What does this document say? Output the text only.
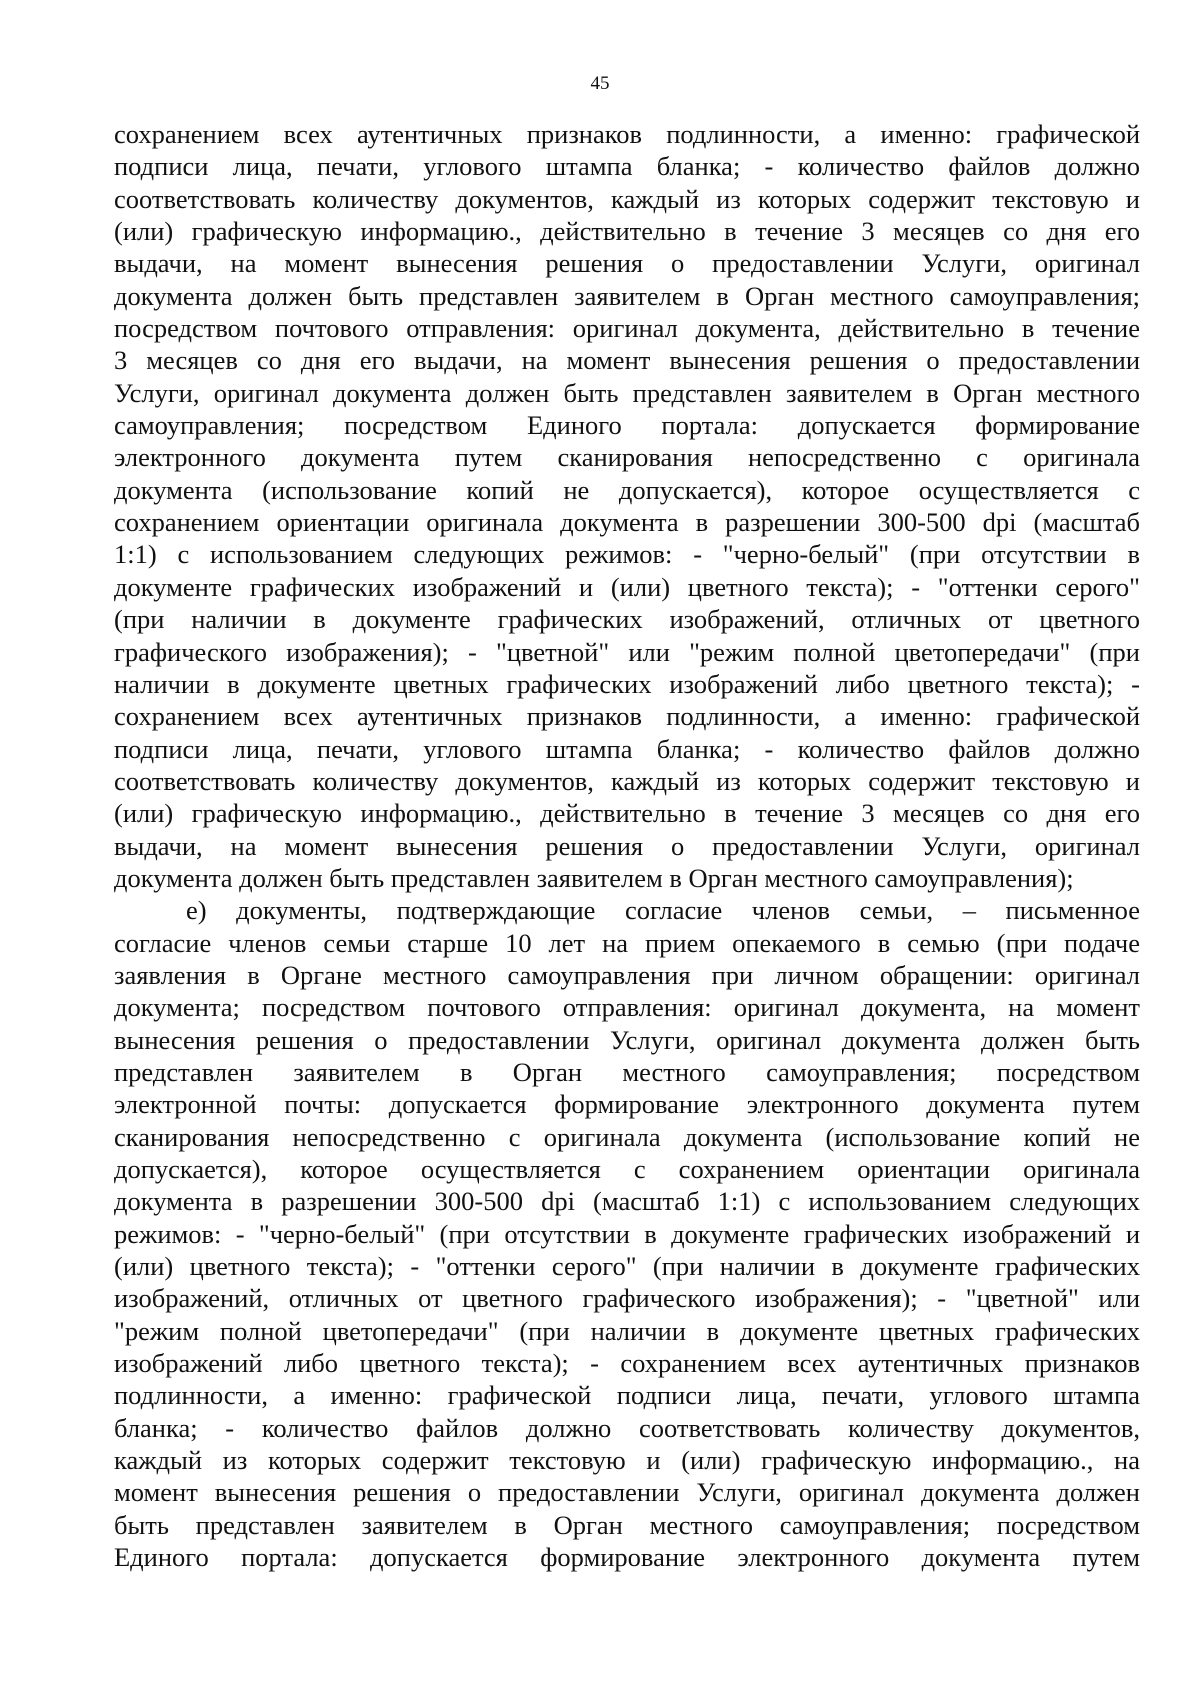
45
сохранением всех аутентичных признаков подлинности, а именно: графической
подписи лица, печати, углового штампа бланка; - количество файлов должно
соответствовать количеству документов, каждый из которых содержит текстовую и
(или) графическую информацию., действительно в течение 3 месяцев со дня его
выдачи, на момент вынесения решения о предоставлении Услуги, оригинал
документа должен быть представлен заявителем в Орган местного самоуправления;
посредством почтового отправления: оригинал документа, действительно в течение
3 месяцев со дня его выдачи, на момент вынесения решения о предоставлении
Услуги, оригинал документа должен быть представлен заявителем в Орган местного
самоуправления; посредством Единого портала: допускается формирование
электронного документа путем сканирования непосредственно с оригинала
документа (использование копий не допускается), которое осуществляется с
сохранением ориентации оригинала документа в разрешении 300-500 dpi (масштаб
1:1) с использованием следующих режимов: - "черно-белый" (при отсутствии в
документе графических изображений и (или) цветного текста); - "оттенки серого"
(при наличии в документе графических изображений, отличных от цветного
графического изображения); - "цветной" или "режим полной цветопередачи" (при
наличии в документе цветных графических изображений либо цветного текста); -
сохранением всех аутентичных признаков подлинности, а именно: графической
подписи лица, печати, углового штампа бланка; - количество файлов должно
соответствовать количеству документов, каждый из которых содержит текстовую и
(или) графическую информацию., действительно в течение 3 месяцев со дня его
выдачи, на момент вынесения решения о предоставлении Услуги, оригинал
документа должен быть представлен заявителем в Орган местного самоуправления);
е) документы, подтверждающие согласие членов семьи, – письменное
согласие членов семьи старше 10 лет на прием опекаемого в семью (при подаче
заявления в Органе местного самоуправления при личном обращении: оригинал
документа; посредством почтового отправления: оригинал документа, на момент
вынесения решения о предоставлении Услуги, оригинал документа должен быть
представлен заявителем в Орган местного самоуправления; посредством
электронной почты: допускается формирование электронного документа путем
сканирования непосредственно с оригинала документа (использование копий не
допускается), которое осуществляется с сохранением ориентации оригинала
документа в разрешении 300-500 dpi (масштаб 1:1) с использованием следующих
режимов: - "черно-белый" (при отсутствии в документе графических изображений и
(или) цветного текста); - "оттенки серого" (при наличии в документе графических
изображений, отличных от цветного графического изображения); - "цветной" или
"режим полной цветопередачи" (при наличии в документе цветных графических
изображений либо цветного текста); - сохранением всех аутентичных признаков
подлинности, а именно: графической подписи лица, печати, углового штампа
бланка; - количество файлов должно соответствовать количеству документов,
каждый из которых содержит текстовую и (или) графическую информацию., на
момент вынесения решения о предоставлении Услуги, оригинал документа должен
быть представлен заявителем в Орган местного самоуправления; посредством
Единого портала: допускается формирование электронного документа путем
